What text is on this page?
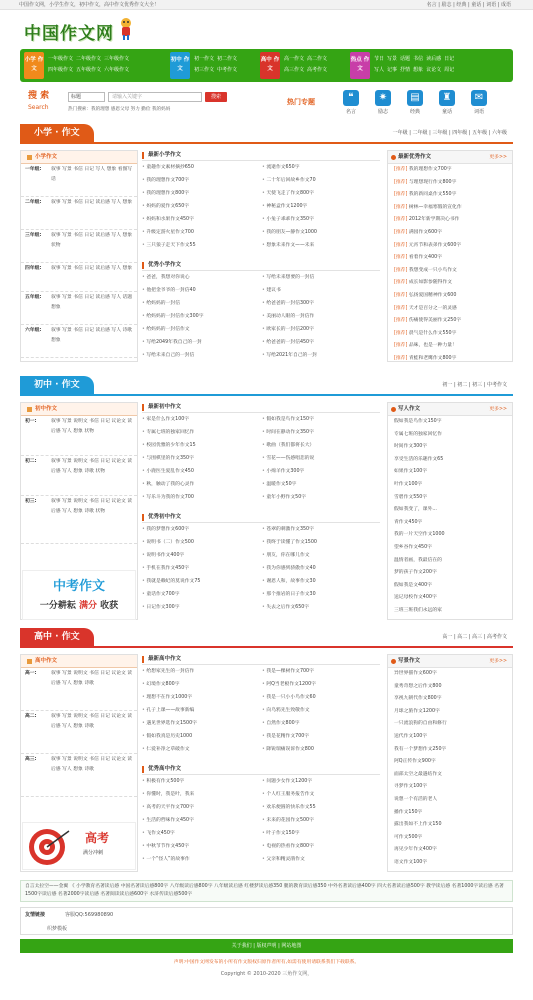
中国作文网，小学生作文，初中作文，高中作文优秀作文大全！	名言 | 励志 | 经典 | 童话 | 词语 | 成语
中国作文网
小学 作文
一年级作文 二年级作文 三年级作文
四年级作文 五年级作文 六年级作文
初中 作文
初一作文 初二作文
初三作文 中考作文
高中 作文
高一作文 高二作文
高三作文 高考作文
热点 作文
节日 写景 话题 书信 读后感 日记
写人 记事 抒情 想象 议论文 周记
搜 索
Search
标题	请输入关键字	搜索
热门搜索：我的理想 感恩父母 努力 勤俭 我的妈妈
热门专题	❝
名言
✷
励志
▤
经典
♜
童话
✉
词语
小学 · 作文	一年级 | 二年级 | 三年级 | 四年级 | 五年级 | 六年级
小学作文
一年级: 叙事 写景 书信 日记 写人 想象 看图写话
二年级: 叙事 写景 书信 日记 读后感 写人 想象
三年级: 叙事 写景 书信 日记 读后感 写人 想象 状物
四年级: 叙事 写景 书信 日记 读后感 写人 想象
五年级: 叙事 写景 书信 日记 读后感 写人 话题 想象
六年级: 叙事 写景 书信 日记 读后感 写人 诗歌 想象
最新小学作文
• 童趣作文素材摘抄650	• 流逝作文650字
• 我的理想作文700字	• 二十年后回故乡作文70
• 我的理想作文800字	• 天使飞走了作文800字
• 妈妈的爱作文650字	• 神秘盒作文1200字
• 妈妈和水果作文450字	• 小兔子乖乖作文350字
• 升级定游火星作文700	• 我的朋友—静作文1000
• 三只狼子走天下作文55	• 想象未来作文——未来
优秀小学作文
• 爸爸，我想对你说心	• 写给未来想要的一封信
• 他把金爷爷的一封信40	• 建议书
• 给妈妈的一封信	• 给爸爸的一封信300字
• 给妈妈的一封信作文300字	• 美丽动人眼的一封信作
• 给妈妈的一封信作文	• 欧家长的一封信200字
• 写给2049年我自己的一封	• 给爸爸的一封信450字
• 写给未来自己的一封信	• 写给2021年自己的一封
最新优秀作文	更多>>
[推荐] 我的理想作文700字
[推荐] 与理想现行作文800字
[推荐] 我的新同桌作文550字
[推荐] 树林—幸福寒假的宣化作
[推荐] 2012年新学期决心书作
[推荐] 满园作文600字
[推荐] 元宵节和表弟作文600字
[推荐] 看着作文400字
[推荐] 我想变成一只小鸟作文
[推荐] 成长如影参随得作文
[推荐] 弘扬爱国精神作文600
[推荐] 天才是百分之一的灵感
[推荐] 伤痛使得美丽作文250字
[推荐] 晨气是什么作文550字
[推荐] 品味，也是一种力量！
[推荐] 青蛙和老鹰作文800字
初中 · 作文	初一 | 初二 | 初三 | 中考作文
初中作文
初一:	叙事 写景 说明文 书信 日记 议论文 读后感 写人 想象 状物
初二:	叙事 写景 说明文 书信 日记 议论文 读后感 写人 想象 诗歌 状物
初三:	叙事 写景 说明文 书信 日记 议论文 读后感 写人 想象 诗歌 状物
最新初中作文
• 家是什么作文100字	• 假如我是鸟作文150字
• 专属七班的独家回忆作	• 时间在静动作文350字
• 校园优雅的少年作文15	• 歌曲（我们都将长大）
• 与围棋里的作文350字	• 雪花——伤感唱悲的说
• 小鹿医生爱乱作文450	• 小绵羊作文300字
• 秋，触动了我的心灵作	• 温暖作文50字
• 写乐斗为我的作文700	• 童年小野作文50字
优秀初中作文
• 我的梦想作文600字	• 苍翠的刺激作文350字
• 说明书（二）作文500	• 我终于读懂了作文1500
• 说明书作文400字	• 朋友，你在哪儿作文
• 手机在我作文450字	• 我为你感到骄傲作文40
• 我就是赖纪的莫说作文75	• 谢恩人和，故事作文30
• 童话作文700字	• 那个推岩的日子作文30
• 日记作文300字	• 失去之后作文650字
写人作文	更多>>
假如我是鸟作文150字
专属七班的独家回忆作
时间作文300字
享受生活的乐趣作文65
如果作文100字
叶作文100字
雪碧作文550字
假如我变了，课外...
青作文450字
我的一片天空作文1000
望乡谷作文450字
温情者画，我最信在的
梦的孩子作文200字
假如我是文400字
送记母校作文400字
三班三班我们永远的家
高中 · 作文	高一 | 高二 | 高三 | 高考作文
高中作文
高一:	叙事 写景 说明文 书信 日记 议论文 读后感 写人 想象 诗歌
高二:	叙事 写景 说明文 书信 日记 议论文 读后感 写人 想象 诗歌
高三:	叙事 写景 说明文 书信 日记 议论文 读后感 写人 想象 诗歌
最新高中作文
• 给想家先生的一封信作	• 我是—棵树作文700字
• 幻境作文800字	• 阿Q当老板作文1200字
• 理想不在作文1000字	• 我是一只小小鸟作文60
• 孔子上课——故事新编	• 向乌鸦先生致敬作文
• 遇见世界选作文1500字	• 自然作文800字
• 假如我真是历史1000	• 我是花精作文700字
• 仁爱补净之草破作文	• 降锐瑞痛误诉作文800
优秀高中作文
• 积极有作文500字	• 问题少女作文1200字
• 你懂时，我是叶，我来	• 个人红王服务报告作文
• 高考的天平作文700字	• 欢乐便圆的快乐作文55
• 生活的哲味作文450字	• 未来的花园作文500字
• 飞作文450字	• 叶子作文150字
• 中秋节节作文450字	• 电视的热看作文800字
• 一个“怪人”的故事作	• 父亲和精灵鹃作文
写景作文	更多>>
异世界描作文600字
童秀奇想之后作文800
享视九朝代作文800字
月球之旅作文1200字
一只流浪狗的自由和修行
送代作文100字
我有一个梦想作文250字
阿Q正传作文900字
面部太空之最遇结作文
寻梦作文100字
说想一个有活的老人
播作文150字
露出我如不上作文150
可作文500字
再见少年作文400字
语文作文100字
中考作文
一分耕耘 满分 收获
高考
满分冲刺
自言太拉空——金翼 《 小学教育名著读后感 中国名著读后感800字 八年级读后感800字 八年级读后感 红楼梦读后感350 腿的教育读后感350 中外名著读后感400字 四大名著读后感500字 教学读后感 名著1000字读后感 名著1500字读后感 名著2000字读后感 名著阅读读后感600字 水浒传读后感500字
友情链接	客服QQ:569980890
织梦模板
关于我们 | 版权声明 | 网站地图
声明:中国作文网发布的小所有作文版权归原作者所有,如需有使用请联系我们下载联系。
Copyright © 2010-2020 三角作文网，
